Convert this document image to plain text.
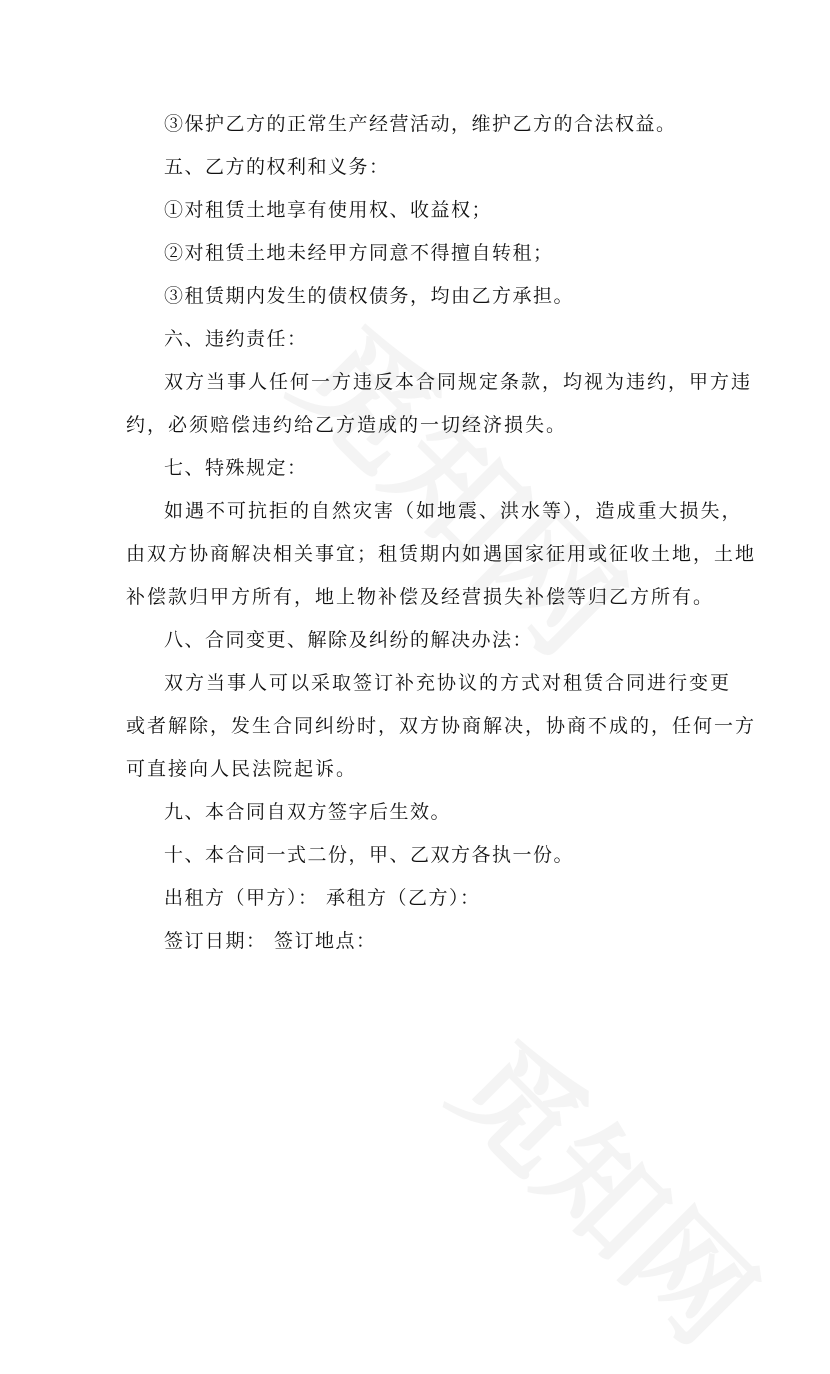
③保护乙方的正常生产经营活动，维护乙方的合法权益。
五、乙方的权利和义务：
①对租赁土地享有使用权、收益权；
②对租赁土地未经甲方同意不得擅自转租；
③租赁期内发生的债权债务，均由乙方承担。
六、违约责任：
双方当事人任何一方违反本合同规定条款，均视为违约，甲方违
约，必须赔偿违约给乙方造成的一切经济损失。
七、特殊规定：
如遇不可抗拒的自然灾害（如地震、洪水等），造成重大损失，
由双方协商解决相关事宜；租赁期内如遇国家征用或征收土地，土地
补偿款归甲方所有，地上物补偿及经营损失补偿等归乙方所有。
八、合同变更、解除及纠纷的解决办法：
双方当事人可以采取签订补充协议的方式对租赁合同进行变更
或者解除，发生合同纠纷时，双方协商解决，协商不成的，任何一方
可直接向人民法院起诉。
九、本合同自双方签字后生效。
十、本合同一式二份，甲、乙双方各执一份。
出租方（甲方）： 承租方（乙方）：
签订日期： 签订地点：
